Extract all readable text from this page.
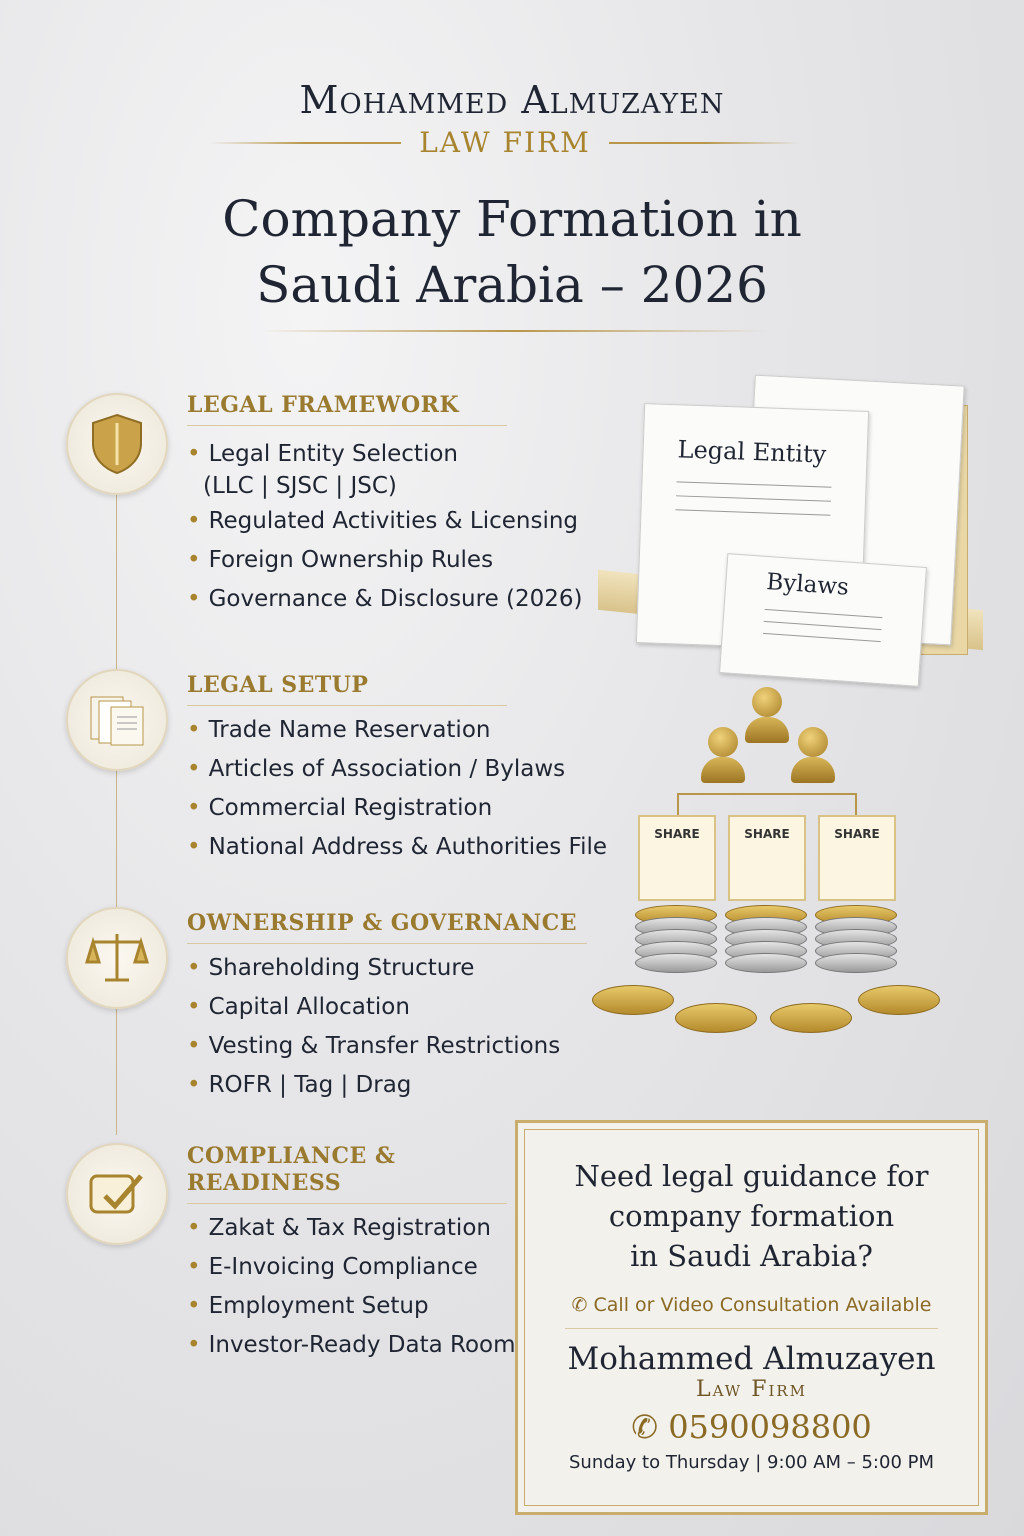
Mohammed Almuzayen
LAW FIRM
Company Formation in
Saudi Arabia – 2026
LEGAL FRAMEWORK
• Legal Entity Selection
(LLC | SJSC | JSC)
• Regulated Activities & Licensing
• Foreign Ownership Rules
• Governance & Disclosure (2026)
LEGAL SETUP
• Trade Name Reservation
• Articles of Association / Bylaws
• Commercial Registration
• National Address & Authorities File
OWNERSHIP & GOVERNANCE
• Shareholding Structure
• Capital Allocation
• Vesting & Transfer Restrictions
• ROFR | Tag | Drag
COMPLIANCE &
READINESS
• Zakat & Tax Registration
• E-Invoicing Compliance
• Employment Setup
• Investor-Ready Data Room
Legal Entity
Bylaws
SHARE	SHARE	SHARE
Need legal guidance for
company formation
in Saudi Arabia?
✆ Call or Video Consultation Available
Mohammed Almuzayen
Law Firm
✆ 0590098800
Sunday to Thursday | 9:00 AM – 5:00 PM
